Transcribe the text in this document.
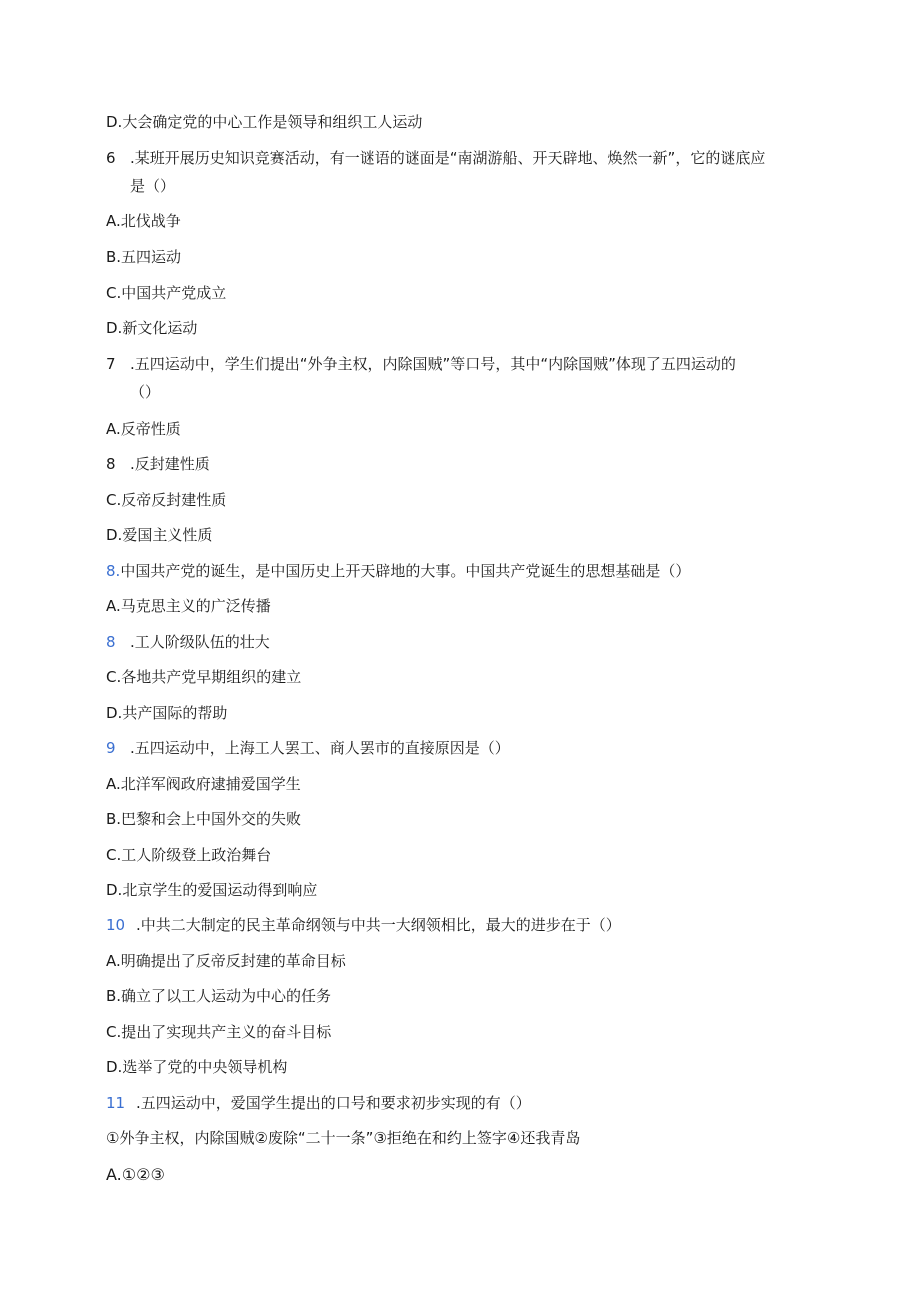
D.大会确定党的中心工作是领导和组织工人运动
6 .某班开展历史知识竞赛活动，有一谜语的谜面是“南湖游船、开天辟地、焕然一新”，它的谜底应
是（）
A.北伐战争
B.五四运动
C.中国共产党成立
D.新文化运动
7 .五四运动中，学生们提出“外争主权，内除国贼”等口号，其中“内除国贼”体现了五四运动的
（）
A.反帝性质
8 .反封建性质
C.反帝反封建性质
D.爱国主义性质
8.中国共产党的诞生，是中国历史上开天辟地的大事。中国共产党诞生的思想基础是（）
A.马克思主义的广泛传播
8 .工人阶级队伍的壮大
C.各地共产党早期组织的建立
D.共产国际的帮助
9 .五四运动中，上海工人罢工、商人罢市的直接原因是（）
A.北洋军阀政府逮捕爱国学生
B.巴黎和会上中国外交的失败
C.工人阶级登上政治舞台
D.北京学生的爱国运动得到响应
10 .中共二大制定的民主革命纲领与中共一大纲领相比，最大的进步在于（）
A.明确提出了反帝反封建的革命目标
B.确立了以工人运动为中心的任务
C.提出了实现共产主义的奋斗目标
D.选举了党的中央领导机构
11 .五四运动中，爱国学生提出的口号和要求初步实现的有（）
①外争主权，内除国贼②废除“二十一条”③拒绝在和约上签字④还我青岛
A.①②③
